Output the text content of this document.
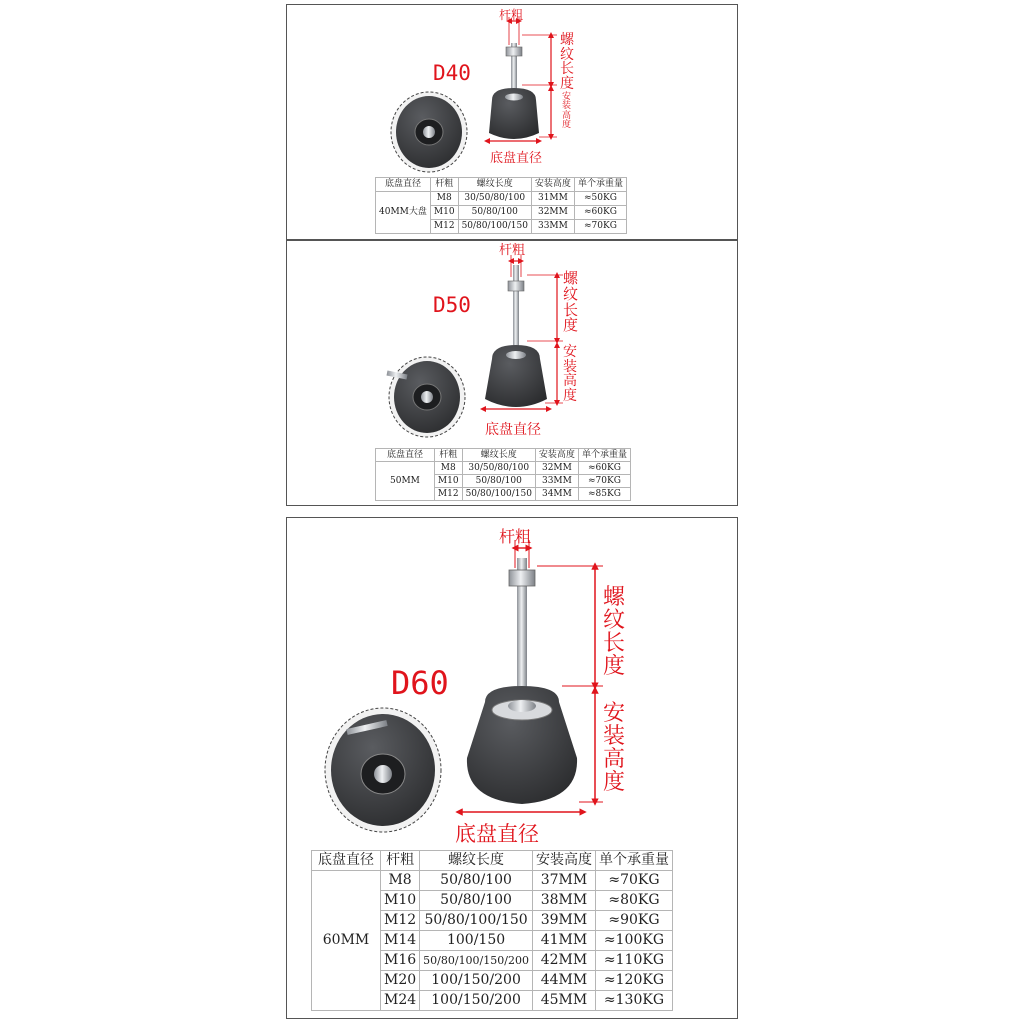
D40
杆粗
螺纹长度
安装高度
底盘直径
底盘直径	杆粗	螺纹长度	安装高度	单个承重量
40MM大盘	M8	30/50/80/100	31MM	≈50KG
	M10	50/80/100	32MM	≈60KG
	M12	50/80/100/150	33MM	≈70KG
D50
杆粗
螺纹长度
安装高度
底盘直径
底盘直径	杆粗	螺纹长度	安装高度	单个承重量
50MM	M8	30/50/80/100	32MM	≈60KG
	M10	50/80/100	33MM	≈70KG
	M12	50/80/100/150	34MM	≈85KG
D60
杆粗
螺纹长度
安装高度
底盘直径
底盘直径	杆粗	螺纹长度	安装高度	单个承重量
60MM	M8	50/80/100	37MM	≈70KG
	M10	50/80/100	38MM	≈80KG
	M12	50/80/100/150	39MM	≈90KG
	M14	100/150	41MM	≈100KG
	M16	50/80/100/150/200	42MM	≈110KG
	M20	100/150/200	44MM	≈120KG
	M24	100/150/200	45MM	≈130KG
